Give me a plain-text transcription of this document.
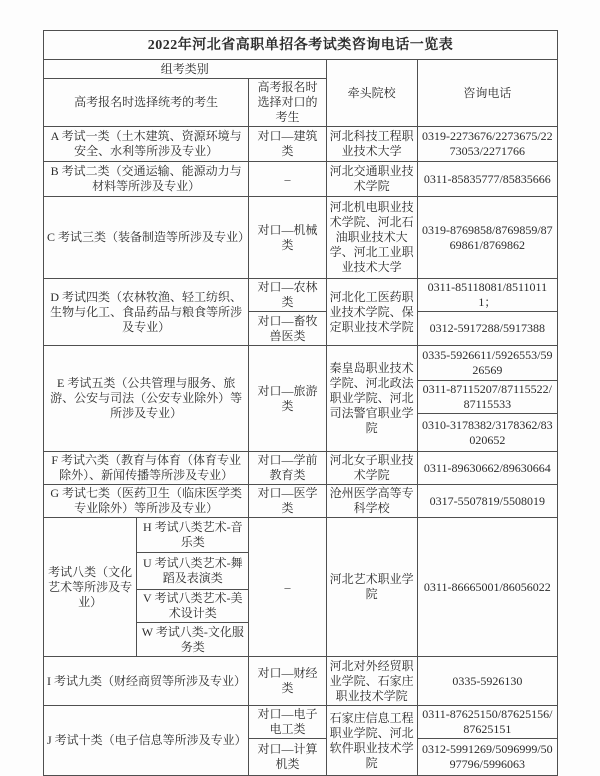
2022年河北省高职单招各考试类咨询电话一览表				
组考类别			牵头院校	咨询电话
高考报名时选择统考的考生		高考报名时选择对口的考生		
A 考试一类（土木建筑、资源环境与安全、水利等所涉及专业）		对口—建筑类	河北科技工程职业技术大学	0319-2273676/2273675/2273053/2271766
B 考试二类（交通运输、能源动力与材料等所涉及专业）		–	河北交通职业技术学院	0311-85835777/85835666
C 考试三类（装备制造等所涉及专业）		对口—机械类	河北机电职业技术学院、河北石油职业技术大学、河北工业职业技术大学	0319-8769858/8769859/8769861/8769862
D 考试四类（农林牧渔、轻工纺织、生物与化工、食品药品与粮食等所涉及专业）		对口—农林类	河北化工医药职业技术学院、保定职业技术学院	0311-85118081/85110111；
		对口—畜牧兽医类		0312-5917288/5917388
E 考试五类（公共管理与服务、旅游、公安与司法（公安专业除外）等所涉及专业）		对口—旅游类	秦皇岛职业技术学院、河北政法职业学院、河北司法警官职业学院	0335-5926611/5926553/5926569
				0311-87115207/87115522/87115533
				0310-3178382/3178362/83020652
F 考试六类（教育与体育（体育专业除外）、新闻传播等所涉及专业）		对口—学前教育类	河北女子职业技术学院	0311-89630662/89630664
G 考试七类（医药卫生（临床医学类专业除外）等所涉及专业）		对口—医学类	沧州医学高等专科学校	0317-5507819/5508019
考试八类（文化艺术等所涉及专业）	H 考试八类艺术-音乐类	–	河北艺术职业学院	0311-86665001/86056022
	U 考试八类艺术-舞蹈及表演类			
	V 考试八类艺术-美术设计类			
	W 考试八类-文化服务类			
I 考试九类（财经商贸等所涉及专业）		对口—财经类	河北对外经贸职业学院、石家庄职业技术学院	0335-5926130
J 考试十类（电子信息等所涉及专业）		对口—电子电工类	石家庄信息工程职业学院、河北软件职业技术学院	0311-87625150/87625156/87625151
		对口—计算机类		0312-5991269/5096999/5097796/5996063
